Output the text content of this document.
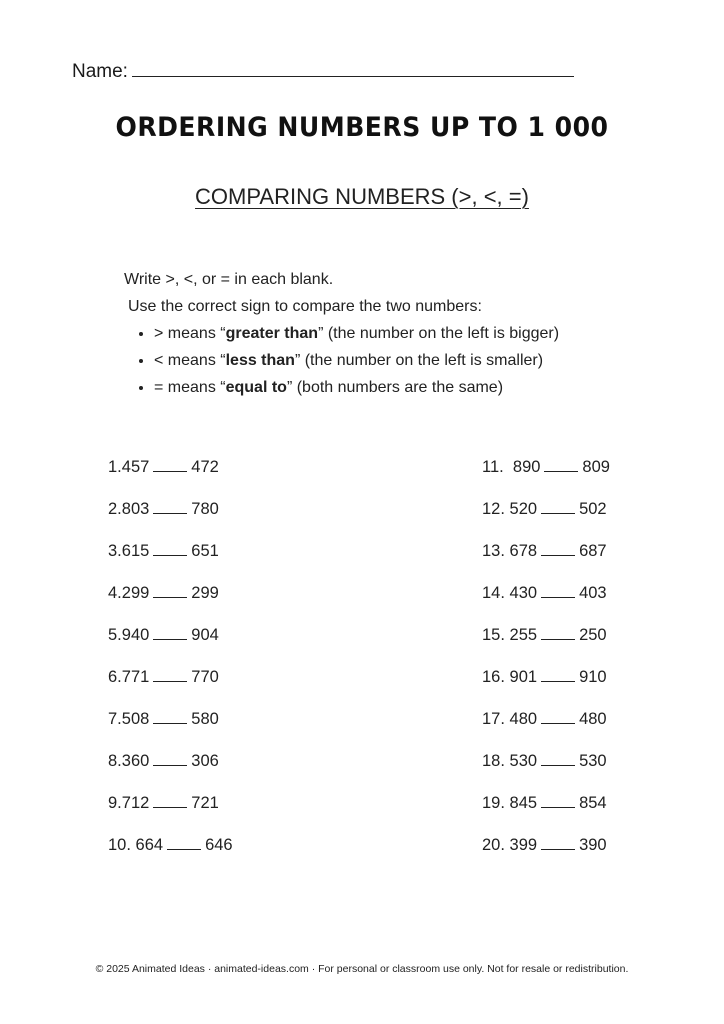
Name:
ORDERING NUMBERS UP TO 1 000
COMPARING NUMBERS (>, <, =)
Write >, <, or = in each blank.
Use the correct sign to compare the two numbers:
• > means “greater than” (the number on the left is bigger)
• < means “less than” (the number on the left is smaller)
• = means “equal to” (both numbers are the same)
1. 457	472
2. 803	780
3. 615	651
4. 299	299
5. 940	904
6. 771	770
7. 508	580
8. 360	306
9. 712	721
10. 664	646
11. 890	809
12. 520	502
13. 678	687
14. 430	403
15. 255	250
16. 901	910
17. 480	480
18. 530	530
19. 845	854
20. 399	390
© 2025 Animated Ideas · animated-ideas.com · For personal or classroom use only. Not for resale or redistribution.
